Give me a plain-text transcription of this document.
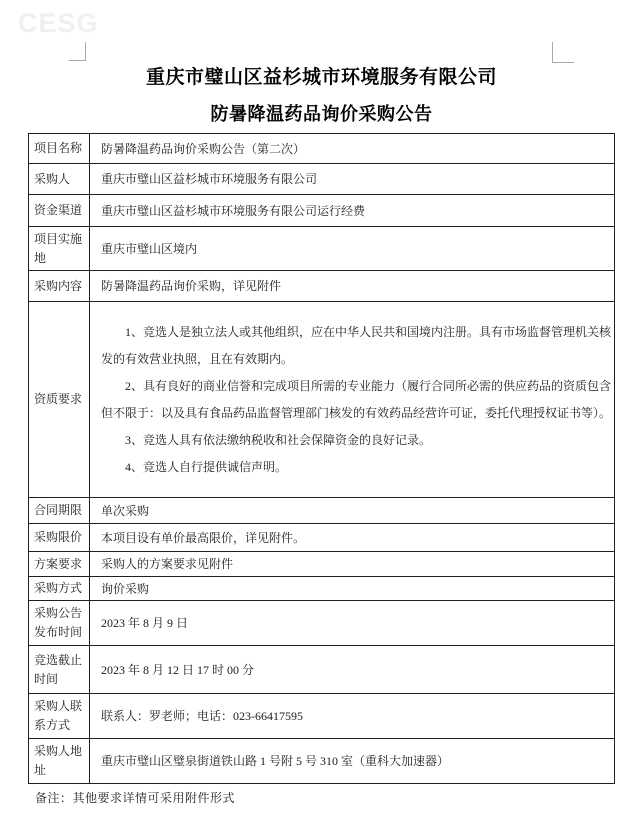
CESG
重庆市璧山区益杉城市环境服务有限公司
防暑降温药品询价采购公告
项目名称	防暑降温药品询价采购公告（第二次）
采购人	重庆市璧山区益杉城市环境服务有限公司
资金渠道	重庆市璧山区益杉城市环境服务有限公司运行经费
项目实施地	重庆市璧山区境内
采购内容	防暑降温药品询价采购，详见附件
资质要求	1、竞选人是独立法人或其他组织，应在中华人民共和国境内注册。具有市场监督管理机关核发的有效营业执照，且在有效期内。

2、具有良好的商业信誉和完成项目所需的专业能力（履行合同所必需的供应药品的资质包含但不限于：以及具有食品药品监督管理部门核发的有效药品经营许可证，委托代理授权证书等）。

3、竞选人具有依法缴纳税收和社会保障资金的良好记录。

4、竞选人自行提供诚信声明。

合同期限	单次采购
采购限价	本项目设有单价最高限价，详见附件。
方案要求	采购人的方案要求见附件
采购方式	询价采购
采购公告发布时间	2023 年 8 月 9 日
竞选截止时间	2023 年 8 月 12 日 17 时 00 分
采购人联系方式	联系人：罗老师；电话：023-66417595
采购人地址	重庆市璧山区璧泉街道铁山路 1 号附 5 号 310 室（重科大加速器）
备注：其他要求详情可采用附件形式
